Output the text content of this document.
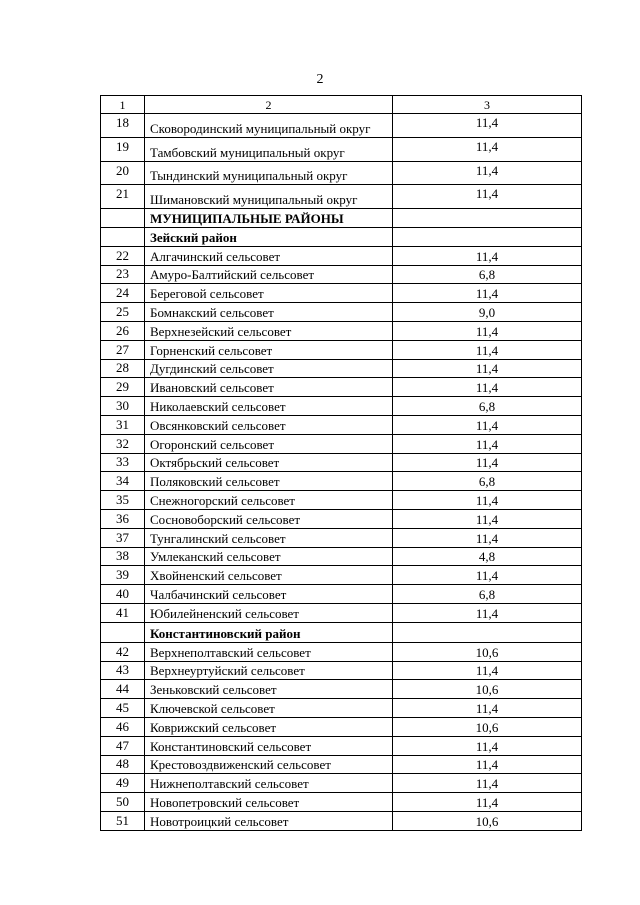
2
1	2	3
18	Сковородинский муниципальный округ	11,4
19	Тамбовский муниципальный округ	11,4
20	Тындинский муниципальный округ	11,4
21	Шимановский муниципальный округ	11,4
	МУНИЦИПАЛЬНЫЕ РАЙОНЫ	
	Зейский район	
22	Алгачинский сельсовет	11,4
23	Амуро-Балтийский сельсовет	6,8
24	Береговой сельсовет	11,4
25	Бомнакский сельсовет	9,0
26	Верхнезейский сельсовет	11,4
27	Горненский сельсовет	11,4
28	Дугдинский сельсовет	11,4
29	Ивановский сельсовет	11,4
30	Николаевский сельсовет	6,8
31	Овсянковский сельсовет	11,4
32	Огоронский сельсовет	11,4
33	Октябрьский сельсовет	11,4
34	Поляковский сельсовет	6,8
35	Снежногорский сельсовет	11,4
36	Сосновоборский сельсовет	11,4
37	Тунгалинский сельсовет	11,4
38	Умлеканский сельсовет	4,8
39	Хвойненский сельсовет	11,4
40	Чалбачинский сельсовет	6,8
41	Юбилейненский сельсовет	11,4
	Константиновский район	
42	Верхнеполтавский сельсовет	10,6
43	Верхнеуртуйский сельсовет	11,4
44	Зеньковский сельсовет	10,6
45	Ключевской сельсовет	11,4
46	Коврижский сельсовет	10,6
47	Константиновский сельсовет	11,4
48	Крестовоздвиженский сельсовет	11,4
49	Нижнеполтавский сельсовет	11,4
50	Новопетровский сельсовет	11,4
51	Новотроицкий сельсовет	10,6
